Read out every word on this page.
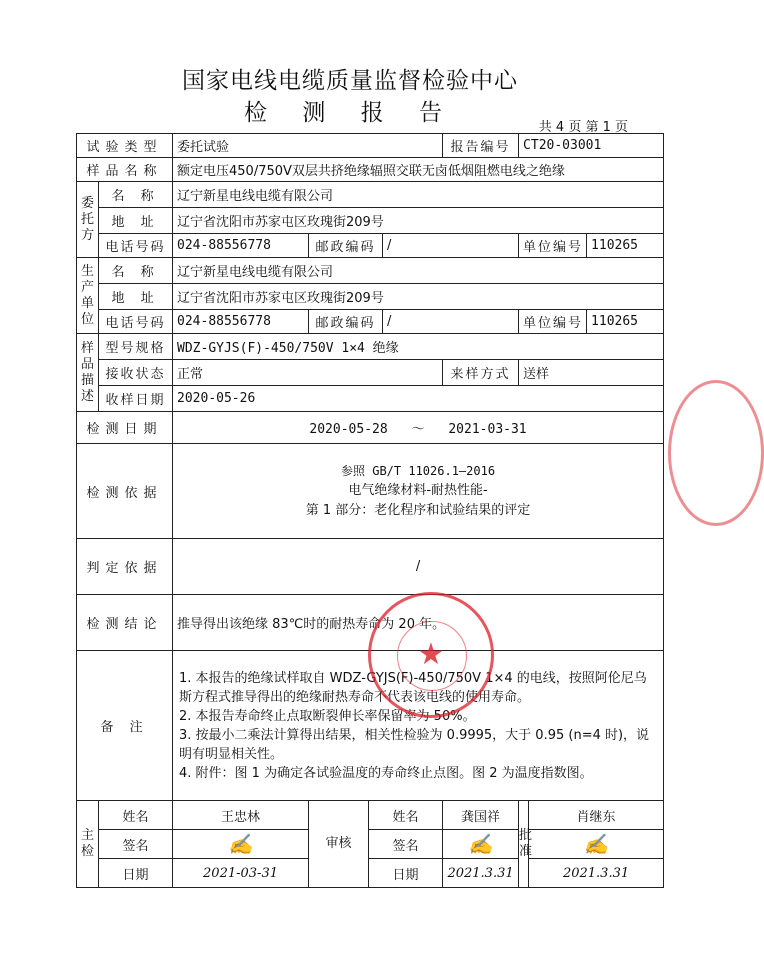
国家电线电缆质量监督检验中心
检 测 报 告
共 4 页 第 1 页
试验类型		委托试验				报告编号	CT20-03001		
样品名称		额定电压450/750V双层共挤绝缘辐照交联无卤低烟阻燃电线之绝缘							
委托方	名 称	辽宁新星电线电缆有限公司							
	地 址	辽宁省沈阳市苏家屯区玫瑰街209号							
	电话号码	024-88556778	邮政编码		/		单位编号		110265
生产单位	名 称	辽宁新星电线电缆有限公司							
	地 址	辽宁省沈阳市苏家屯区玫瑰街209号							
	电话号码	024-88556778	邮政编码		/		单位编号		110265
样品描述	型号规格	WDZ-GYJS(F)-450/750V 1×4 绝缘							
	接收状态	正常				来样方式	送样		
	收样日期	2020-05-26							
检测日期		2020-05-28 ～ 2021-03-31							
检测依据		参照 GB/T 11026.1—2016
电气绝缘材料-耐热性能-
第 1 部分：老化程序和试验结果的评定							

判定依据		/							
检测结论		推导得出该绝缘 83℃时的耐热寿命为 20 年。							
备 注		1. 本报告的绝缘试样取自 WDZ-GYJS(F)-450/750V 1×4 的电线，按照阿伦尼乌斯方程式推导得出的绝缘耐热寿命不代表该电线的使用寿命。
2. 本报告寿命终止点取断裂伸长率保留率为 50%。
3. 按最小二乘法计算得出结果，相关性检验为 0.9995，大于 0.95 (n=4 时)，说明有明显相关性。
4. 附件：图 1 为确定各试验温度的寿命终止点图。图 2 为温度指数图。							

主检	姓名	王忠林	审核	姓名		龚国祥	批准	肖继东	
	签名	✍		签名		✍		✍	
	日期	2021-03-31		日期		2021.3.31		2021.3.31	
★
